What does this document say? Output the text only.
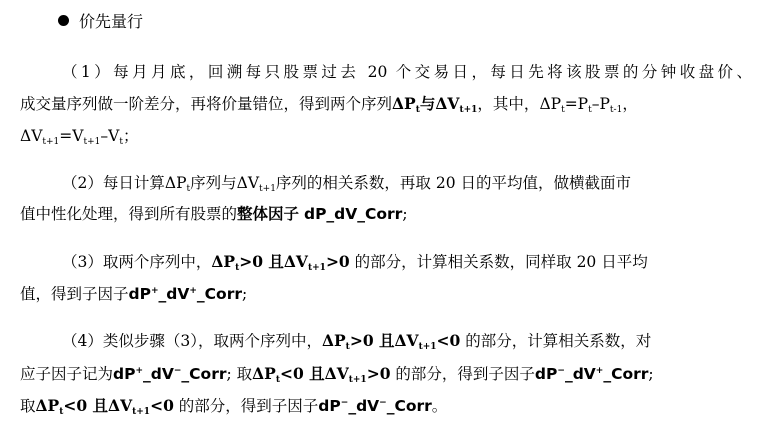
价先量行
（1）每月月底，回溯每只股票过去 20 个交易日，每日先将该股票的分钟收盘价、
成交量序列做一阶差分，再将价量错位，得到两个序列$\Delta P_t$与$\Delta V_{t+1}$，其中，$\Delta P_t=P_t-P_{t-1}$，
$\Delta V_{t+1}=V_{t+1}-V_t$；
（2）每日计算$\Delta P_t$序列与$\Delta V_{t+1}$序列的相关系数，再取 20 日的平均值，做横截面市
值中性化处理，得到所有股票的整体因子 dP_dV_Corr;
（3）取两个序列中，$\Delta P_t>0$ 且$\Delta V_{t+1}>0$ 的部分，计算相关系数，同样取 20 日平均
值，得到子因子dP+_dV+_Corr;
（4）类似步骤（3），取两个序列中，$\Delta P_t>0$ 且$\Delta V_{t+1}<0$ 的部分，计算相关系数，对
应子因子记为dP+_dV−_Corr; 取$\Delta P_t<0$ 且$\Delta V_{t+1}>0$ 的部分，得到子因子dP−_dV+_Corr;
取$\Delta P_t<0$ 且$\Delta V_{t+1}<0$ 的部分，得到子因子dP−_dV−_Corr。
